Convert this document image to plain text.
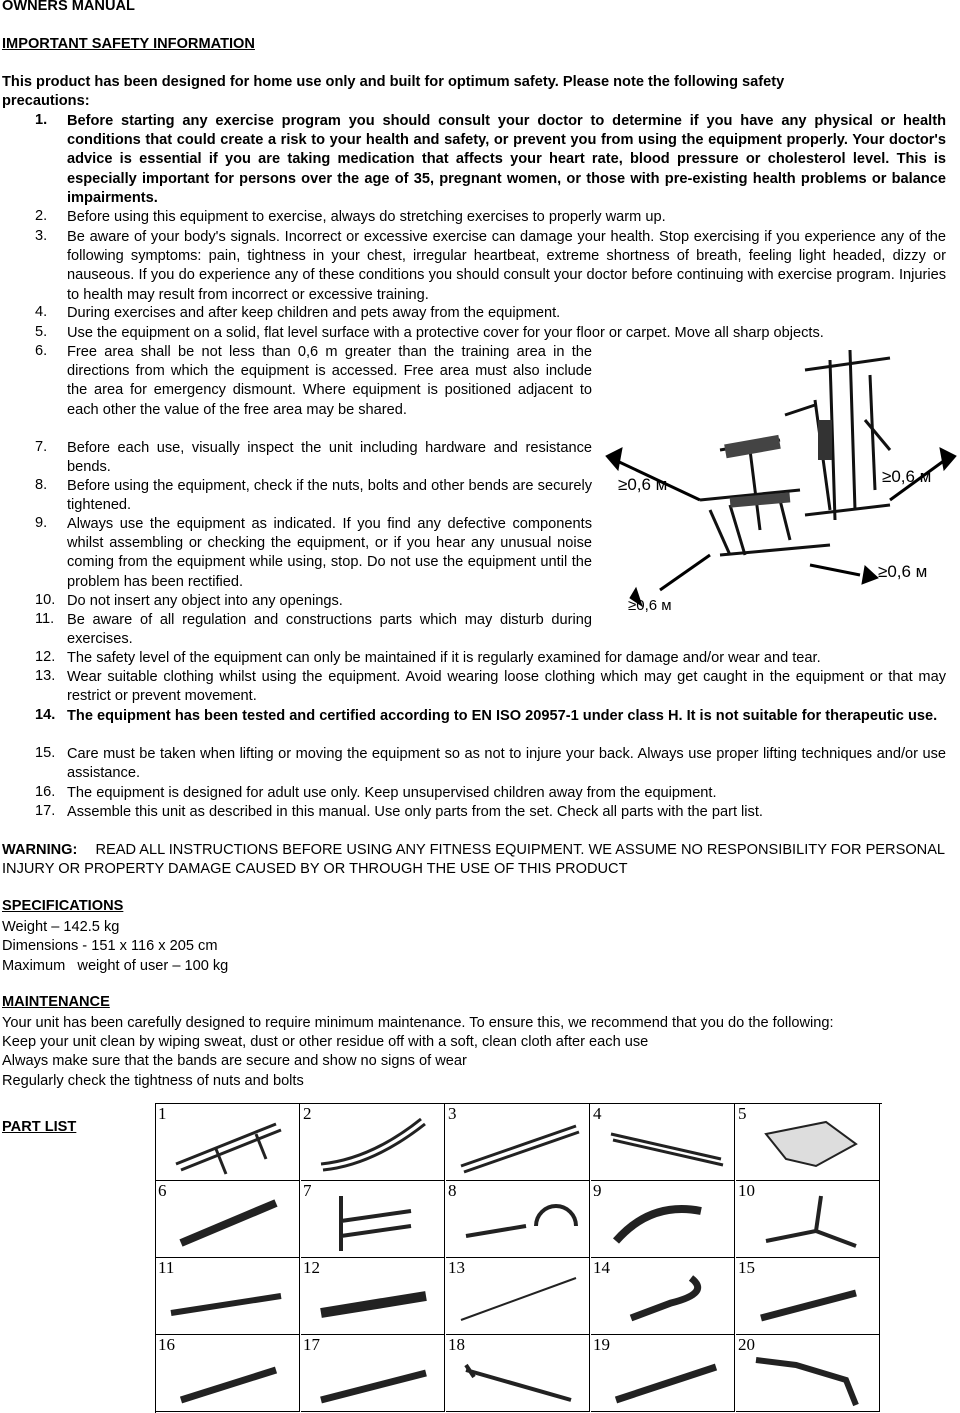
OWNERS MANUAL
IMPORTANT SAFETY INFORMATION
This product has been designed for home use only and built for optimum safety. Please note the following safety
precautions:
1. Before starting any exercise program you should consult your doctor to determine if you have any physical or health conditions that could create a risk to your health and safety, or prevent you from using the equipment properly. Your doctor's advice is essential if you are taking medication that affects your heart rate, blood pressure or cholesterol level. This is especially important for persons over the age of 35, pregnant women, or those with pre-existing health problems or balance impairments.
2. Before using this equipment to exercise, always do stretching exercises to properly warm up.
3. Be aware of your body's signals. Incorrect or excessive exercise can damage your health. Stop exercising if you experience any of the following symptoms: pain, tightness in your chest, irregular heartbeat, extreme shortness of breath, feeling light headed, dizzy or nauseous. If you do experience any of these conditions you should consult your doctor before continuing with exercise program. Injuries to health may result from incorrect or excessive training.
4. During exercises and after keep children and pets away from the equipment.
5. Use the equipment on a solid, flat level surface with a protective cover for your floor or carpet. Move all sharp objects.
6. Free area shall be not less than 0,6 m greater than the training area in the directions from which the equipment is accessed. Free area must also include the area for emergency dismount. Where equipment is positioned adjacent to each other the value of the free area may be shared.
7. Before each use, visually inspect the unit including hardware and resistance bends.
8. Before using the equipment, check if the nuts, bolts and other bends are securely tightened.
9. Always use the equipment as indicated. If you find any defective components whilst assembling or checking the equipment, or if you hear any unusual noise coming from the equipment while using, stop. Do not use the equipment until the problem has been rectified.
10. Do not insert any object into any openings.
11. Be aware of all regulation and constructions parts which may disturb during exercises.
12. The safety level of the equipment can only be maintained if it is regularly examined for damage and/or wear and tear.
13. Wear suitable clothing whilst using the equipment. Avoid wearing loose clothing which may get caught in the equipment or that may restrict or prevent movement.
14. The equipment has been tested and certified according to EN ISO 20957-1 under class H. It is not suitable for therapeutic use.
15. Care must be taken when lifting or moving the equipment so as not to injure your back. Always use proper lifting techniques and/or use assistance.
16. The equipment is designed for adult use only. Keep unsupervised children away from the equipment.
17. Assemble this unit as described in this manual. Use only parts from the set. Check all parts with the part list.
≥0,6 м	≥0,6 м
≥0,6 м
≥0,6 м
WARNING: READ ALL INSTRUCTIONS BEFORE USING ANY FITNESS EQUIPMENT. WE ASSUME NO RESPONSIBILITY FOR PERSONAL INJURY OR PROPERTY DAMAGE CAUSED BY OR THROUGH THE USE OF THIS PRODUCT
SPECIFICATIONS
Weight – 142.5 kg
Dimensions - 151 x 116 x 205 cm
Maximum   weight of user – 100 kg
MAINTENANCE
Your unit has been carefully designed to require minimum maintenance. To ensure this, we recommend that you do the following:
Keep your unit clean by wiping sweat, dust or other residue off with a soft, clean cloth after each use
Always make sure that the bands are secure and show no signs of wear
Regularly check the tightness of nuts and bolts
PART LIST
1	2	3	4	5
6	7	8	9	10
11	12	13	14	15
16	17	18	19	20
